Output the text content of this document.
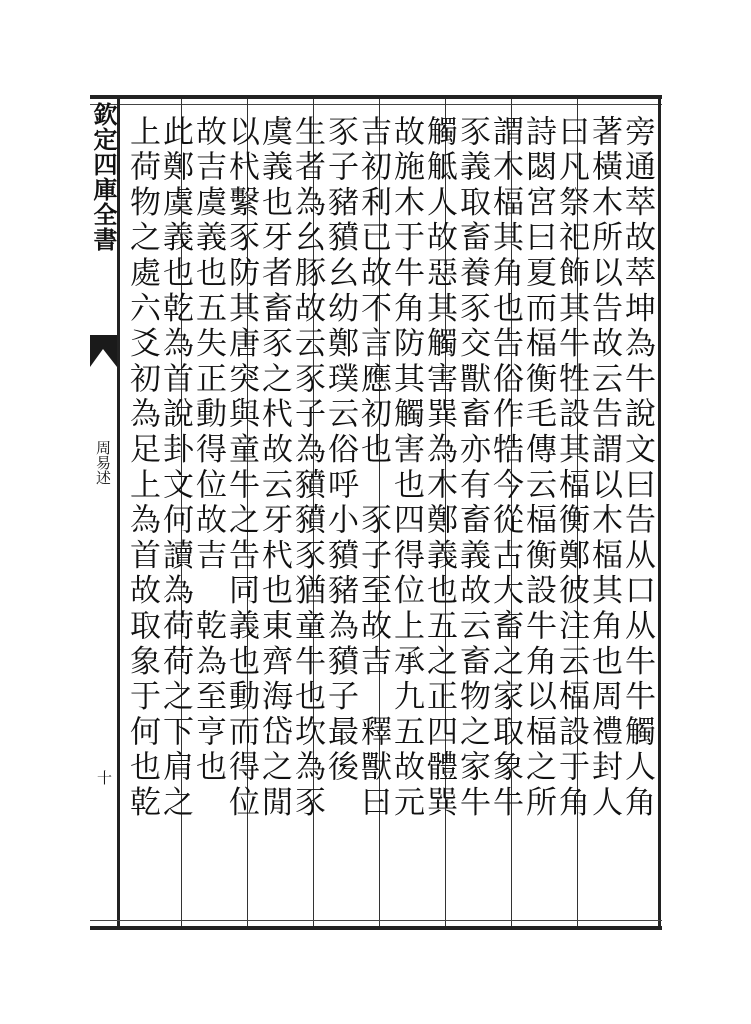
欽定四庫全書
周易述
十	旁通萃故萃坤為牛說文曰告从口从牛牛觸人角
著橫木所以告故云告謂以木楅其角也周禮封人
曰凡祭祀飾其牛牲設其楅衡鄭彼注云楅設于角
詩閟宮曰夏而楅衡毛傳云楅衡設牛角以楅之所
謂木楅其角也告俗作牿今從古大畜之家取象牛
豕義取畜養豕交獸畜亦有畜義故云畜物之家牛
觸觝人故惡其觸害巽為木鄭義也五之正四體巽
故施木于牛角防其觸害也四得位上承九五故元
吉初利已故不言應初也　豕子至故吉　釋獸曰
豕子豬豶幺幼鄭璞云俗呼小豶豬為豶子最後
生者為幺豚故云豕子為豶豶豕猶童牛也坎為豕
虞義也牙者畜豕之杙故云牙杙也東齊海岱之閒
以杙繫豕防其唐突與童牛之告同義也動而得位
故吉虞義也五失正動得位故吉　乾為至亨也
此鄭虞義也乾為首說卦文何讀為荷荷之下肩之
上荷物之處六爻初為足上為首故取象于何也乾
